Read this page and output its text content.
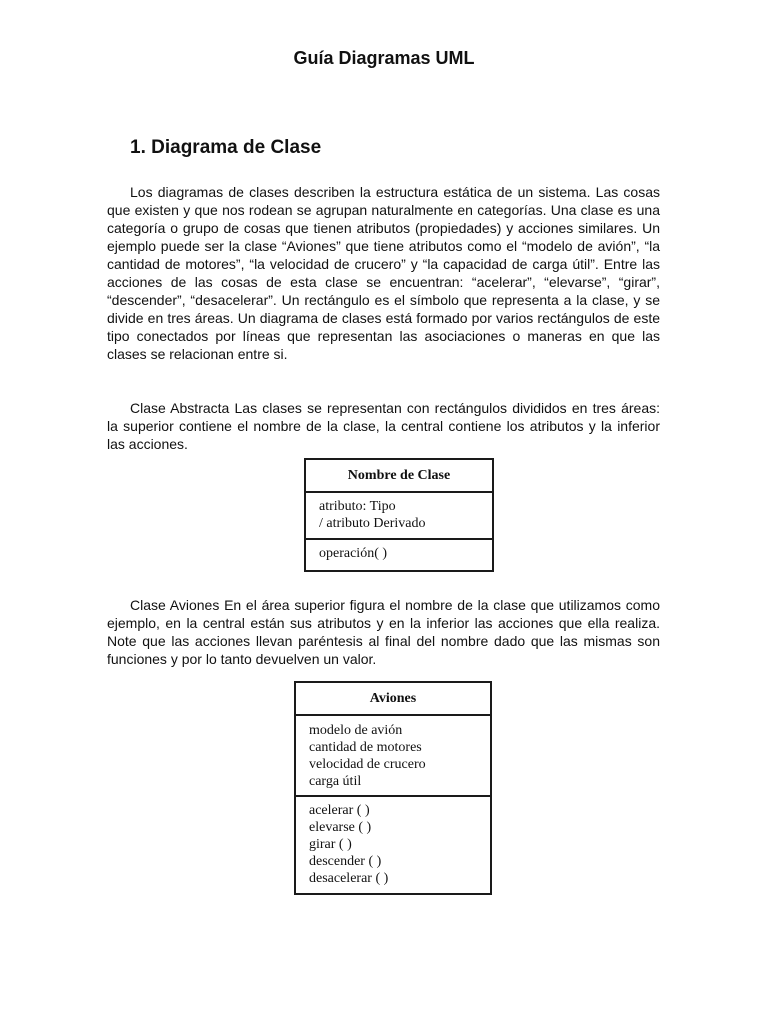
Guía Diagramas UML
1. Diagrama de Clase

Los diagramas de clases describen la estructura estática de un sistema. Las cosas que existen y que nos rodean se agrupan naturalmente en categorías. Una clase es una categoría o grupo de cosas que tienen atributos (propiedades) y acciones similares. Un ejemplo puede ser la clase “Aviones” que tiene atributos como el “modelo de avión”, “la cantidad de motores”, “la velocidad de crucero” y “la capacidad de carga útil”. Entre las acciones de las cosas de esta clase se encuentran: “acelerar”, “elevarse”, “girar”, “descender”, “desacelerar”. Un rectángulo es el símbolo que representa a la clase, y se divide en tres áreas. Un diagrama de clases está formado por varios rectángulos de este tipo conectados por líneas que representan las asociaciones o maneras en que las clases se relacionan entre si.

Clase Abstracta Las clases se representan con rectángulos divididos en tres áreas: la superior contiene el nombre de la clase, la central contiene los atributos y la inferior las acciones.

Nombre de Clase
atributo: Tipo
/ atributo Derivado
operación( )

Clase Aviones En el área superior figura el nombre de la clase que utilizamos como ejemplo, en la central están sus atributos y en la inferior las acciones que ella realiza. Note que las acciones llevan paréntesis al final del nombre dado que las mismas son funciones y por lo tanto devuelven un valor.

Aviones
modelo de avión
cantidad de motores
velocidad de crucero
carga útil
acelerar ( )
elevarse ( )
girar ( )
descender ( )
desacelerar ( )
